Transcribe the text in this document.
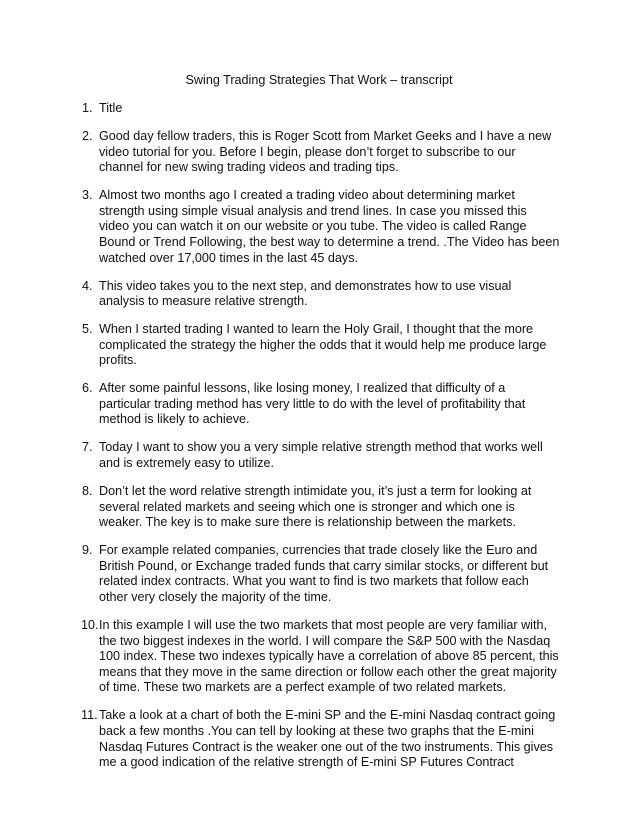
Swing Trading Strategies That Work – transcript
1. Title
2. Good day fellow traders, this is Roger Scott from Market Geeks and I have a new video tutorial for you. Before I begin, please don’t forget to subscribe to our channel for new swing trading videos and trading tips.
3. Almost two months ago I created a trading video about determining market strength using simple visual analysis and trend lines. In case you missed this video you can watch it on our website or you tube. The video is called Range Bound or Trend Following, the best way to determine a trend. .The Video has been watched over 17,000 times in the last 45 days.
4. This video takes you to the next step, and demonstrates how to use visual analysis to measure relative strength.
5. When I started trading I wanted to learn the Holy Grail, I thought that the more complicated the strategy the higher the odds that it would help me produce large profits.
6. After some painful lessons, like losing money, I realized that difficulty of a particular trading method has very little to do with the level of profitability that method is likely to achieve.
7. Today I want to show you a very simple relative strength method that works well and is extremely easy to utilize.
8. Don’t let the word relative strength intimidate you, it’s just a term for looking at several related markets and seeing which one is stronger and which one is weaker. The key is to make sure there is relationship between the markets.
9. For example related companies, currencies that trade closely like the Euro and British Pound, or Exchange traded funds that carry similar stocks, or different but related index contracts. What you want to find is two markets that follow each other very closely the majority of the time.
10. In this example I will use the two markets that most people are very familiar with, the two biggest indexes in the world. I will compare the S&P 500 with the Nasdaq 100 index. These two indexes typically have a correlation of above 85 percent, this means that they move in the same direction or follow each other the great majority of time. These two markets are a perfect example of two related markets.
11. Take a look at a chart of both the E-mini SP and the E-mini Nasdaq contract going back a few months .You can tell by looking at these two graphs that the E-mini Nasdaq Futures Contract is the weaker one out of the two instruments. This gives me a good indication of the relative strength of E-mini SP Futures Contract
